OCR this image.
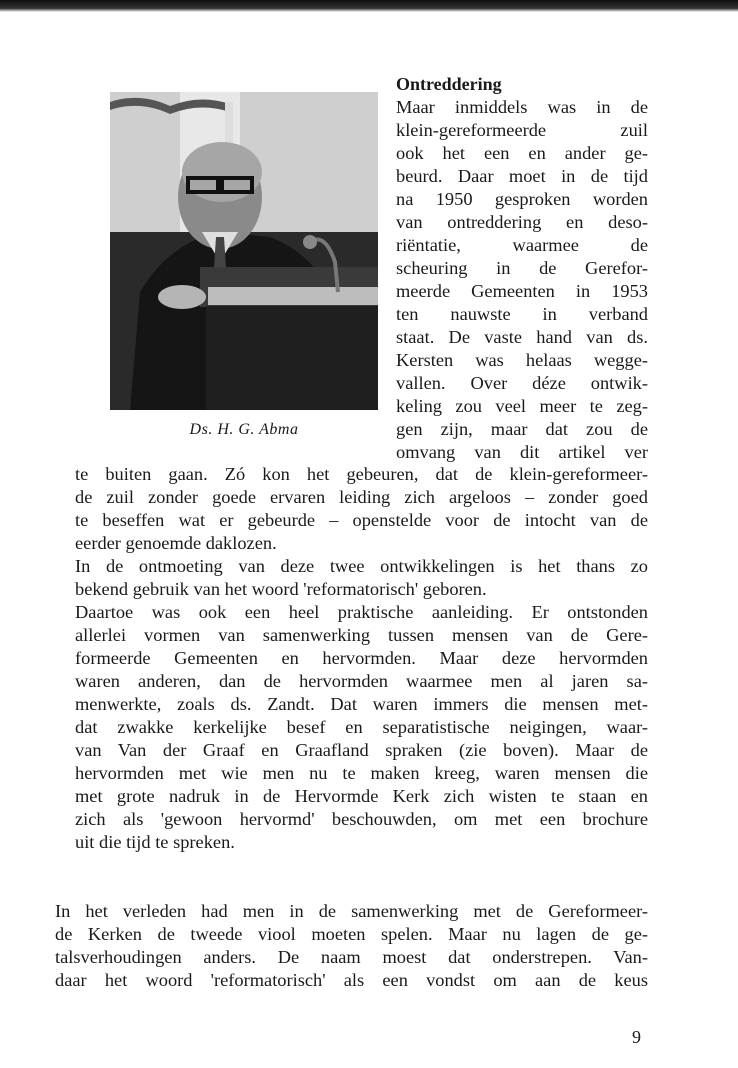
Ds. H. G. Abma
Ontreddering
Maar inmiddels was in de
klein-gereformeerde zuil
ook het een en ander ge-
beurd. Daar moet in de tijd
na 1950 gesproken worden
van ontreddering en deso-
riëntatie, waarmee de
scheuring in de Gerefor-
meerde Gemeenten in 1953
ten nauwste in verband
staat. De vaste hand van ds.
Kersten was helaas wegge-
vallen. Over déze ontwik-
keling zou veel meer te zeg-
gen zijn, maar dat zou de
omvang van dit artikel ver
te buiten gaan. Zó kon het gebeuren, dat de klein-gereformeer-
de zuil zonder goede ervaren leiding zich argeloos – zonder goed
te beseffen wat er gebeurde – openstelde voor de intocht van de
eerder genoemde daklozen.
In de ontmoeting van deze twee ontwikkelingen is het thans zo
bekend gebruik van het woord 'reformatorisch' geboren.
Daartoe was ook een heel praktische aanleiding. Er ontstonden
allerlei vormen van samenwerking tussen mensen van de Gere-
formeerde Gemeenten en hervormden. Maar deze hervormden
waren anderen, dan de hervormden waarmee men al jaren sa-
menwerkte, zoals ds. Zandt. Dat waren immers die mensen met-
dat zwakke kerkelijke besef en separatistische neigingen, waar-
van Van der Graaf en Graafland spraken (zie boven). Maar de
hervormden met wie men nu te maken kreeg, waren mensen die
met grote nadruk in de Hervormde Kerk zich wisten te staan en
zich als 'gewoon hervormd' beschouwden, om met een brochure
uit die tijd te spreken.
In het verleden had men in de samenwerking met de Gereformeer-
de Kerken de tweede viool moeten spelen. Maar nu lagen de ge-
talsverhoudingen anders. De naam moest dat onderstrepen. Van-
daar het woord 'reformatorisch' als een vondst om aan de keus
9
